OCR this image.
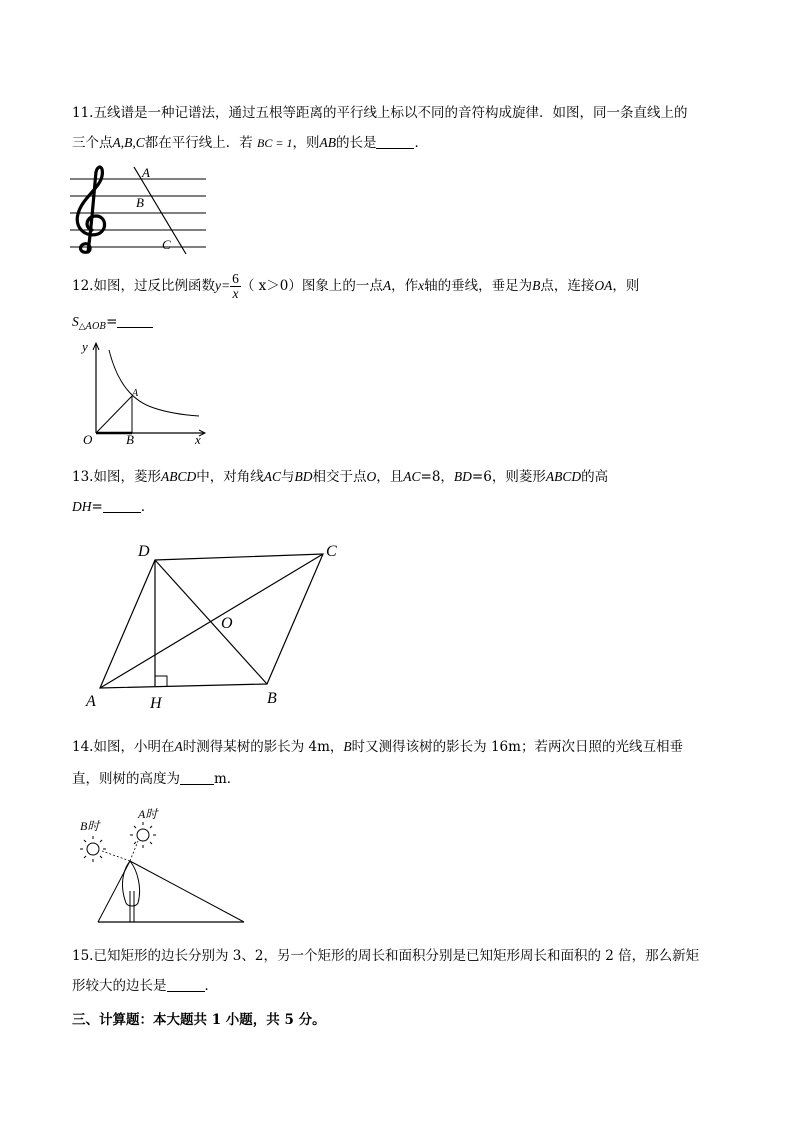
11.五线谱是一种记谱法，通过五根等距离的平行线上标以不同的音符构成旋律．如图，同一条直线上的
三个点A,B,C都在平行线上．若 BC = 1，则AB的长是	．
A
B
C
12.如图，过反比例函数$y= \frac{6}{x}$ （ x＞0）图象上的一点A，作x轴的垂线，垂足为B点，连接OA，则
$S_{\triangle AOB}=$
y
x
O
A
B
13.如图，菱形ABCD中，对角线AC与BD相交于点O，且AC=8，BD=6，则菱形ABCD的高
DH=	．
D	C
O
A	H	B
14.如图，小明在A时测得某树的影长为 4m，B时又测得该树的影长为 16m；若两次日照的光线互相垂
直，则树的高度为	m．
B时
A时
15.已知矩形的边长分别为 3、2，另一个矩形的周长和面积分别是已知矩形周长和面积的 2 倍，那么新矩
形较大的边长是	．
三、计算题：本大题共 1 小题，共 5 分。
